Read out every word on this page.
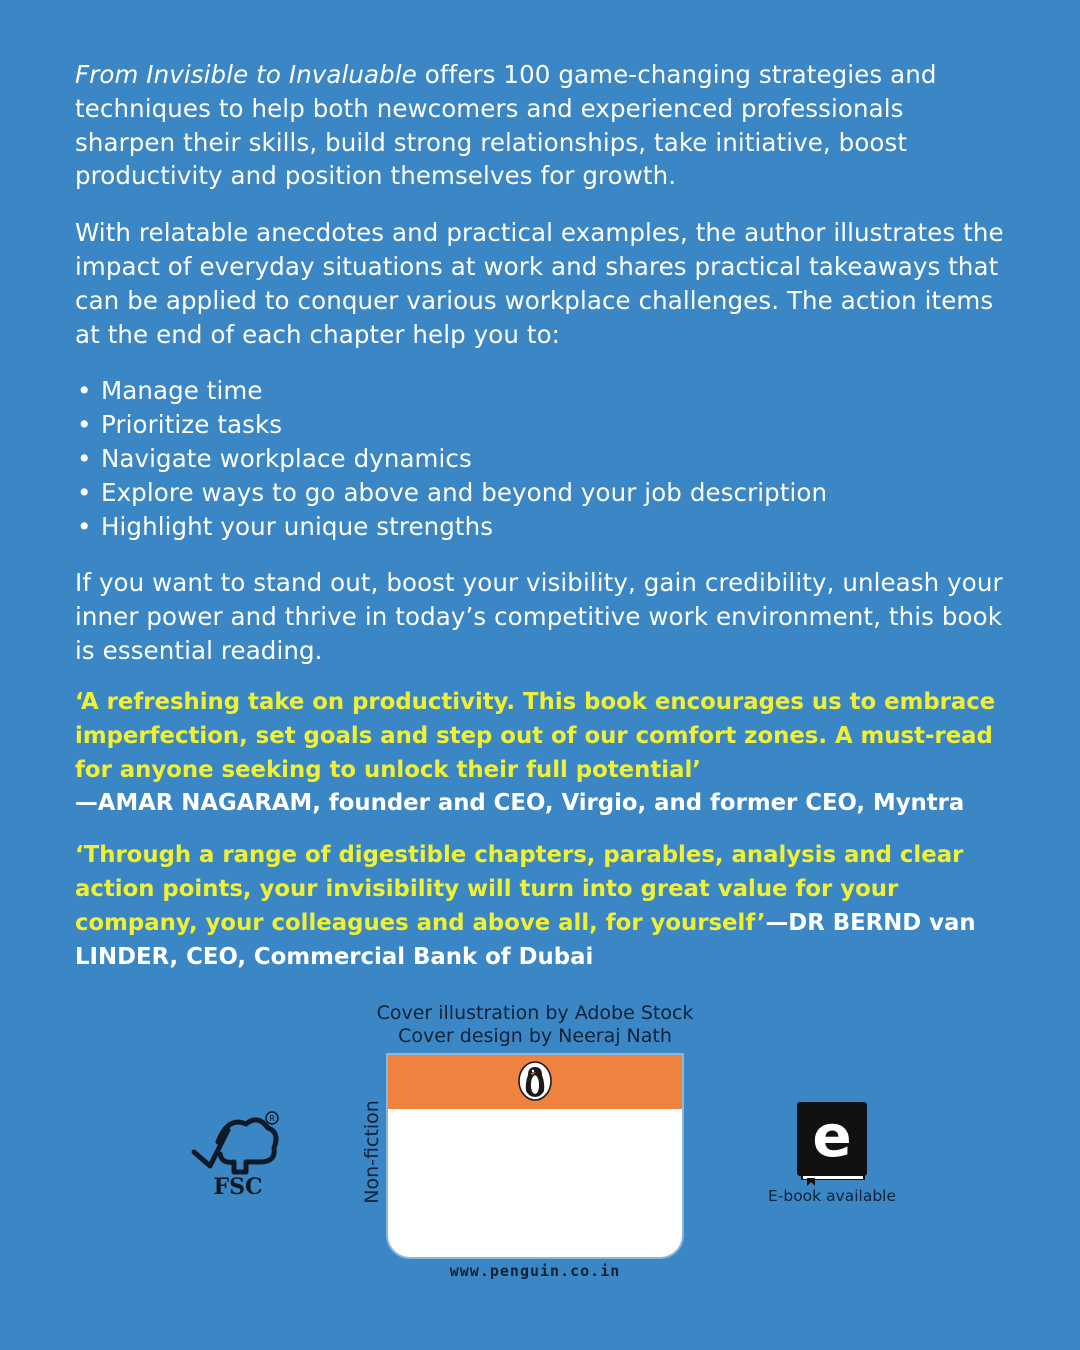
From Invisible to Invaluable offers 100 game-changing strategies and techniques to help both newcomers and experienced professionals sharpen their skills, build strong relationships, take initiative, boost productivity and position themselves for growth.

With relatable anecdotes and practical examples, the author illustrates the impact of everyday situations at work and shares practical takeaways that can be applied to conquer various workplace challenges. The action items at the end of each chapter help you to:

• Manage time
• Prioritize tasks
• Navigate workplace dynamics
• Explore ways to go above and beyond your job description
• Highlight your unique strengths

If you want to stand out, boost your visibility, gain credibility, unleash your inner power and thrive in today’s competitive work environment, this book is essential reading.

‘A refreshing take on productivity. This book encourages us to embrace imperfection, set goals and step out of our comfort zones. A must-read for anyone seeking to unlock their full potential’
—AMAR NAGARAM, founder and CEO, Virgio, and former CEO, Myntra

‘Through a range of digestible chapters, parables, analysis and clear action points, your invisibility will turn into great value for your company, your colleagues and above all, for yourself’—DR BERND van LINDER, CEO, Commercial Bank of Dubai

Cover illustration by Adobe Stock
Cover design by Neeraj Nath
R
FSC	Non-fiction
www.penguin.co.in
e
E-book available
